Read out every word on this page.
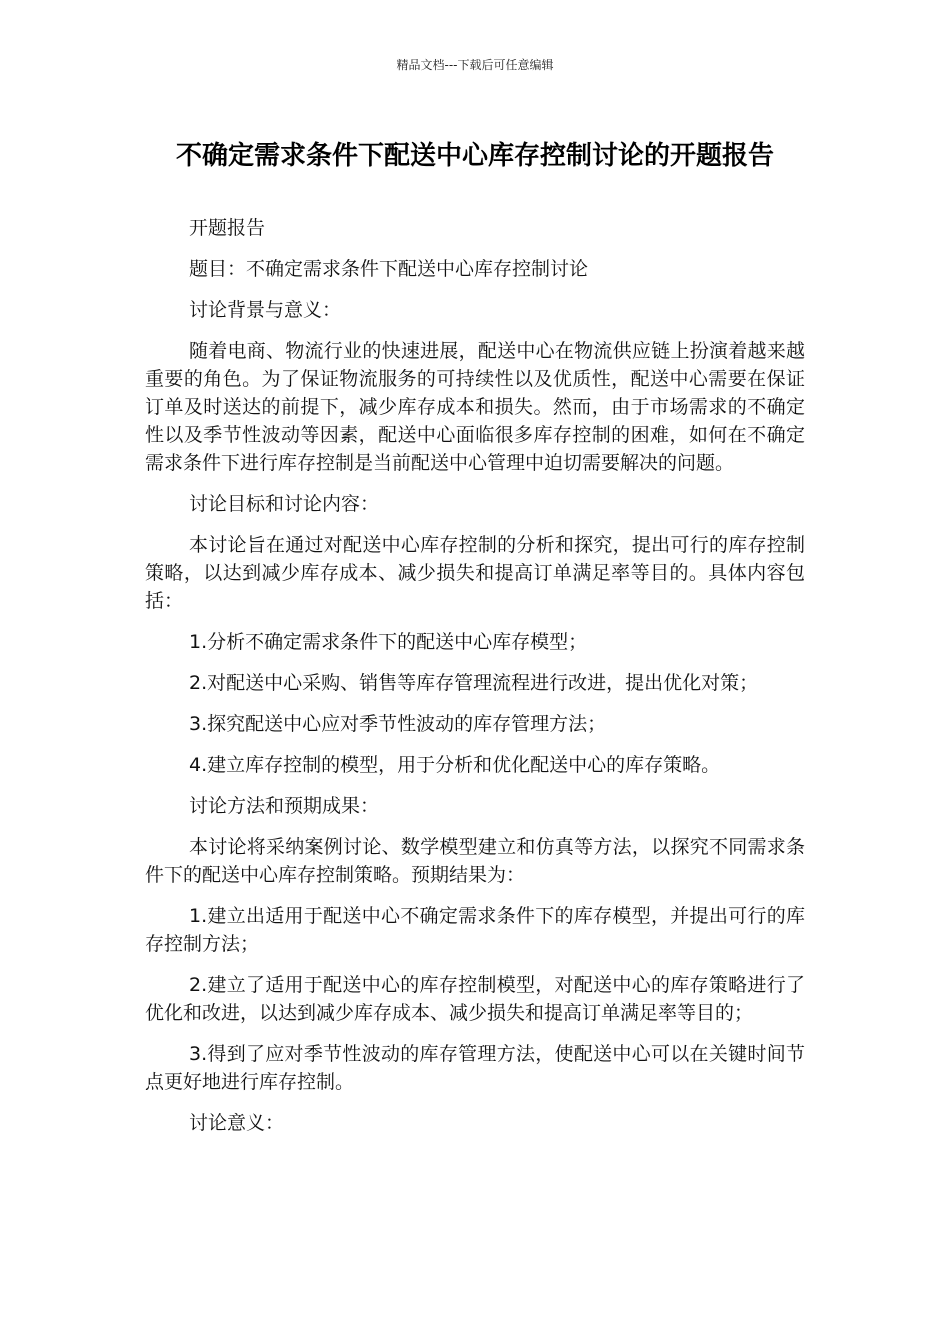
精品文档---下载后可任意编辑
不确定需求条件下配送中心库存控制讨论的开题报告

开题报告

题目：不确定需求条件下配送中心库存控制讨论

讨论背景与意义：

随着电商、物流行业的快速进展，配送中心在物流供应链上扮演着越来越重要的角色。为了保证物流服务的可持续性以及优质性，配送中心需要在保证订单及时送达的前提下，减少库存成本和损失。然而，由于市场需求的不确定性以及季节性波动等因素，配送中心面临很多库存控制的困难，如何在不确定需求条件下进行库存控制是当前配送中心管理中迫切需要解决的问题。

讨论目标和讨论内容：

本讨论旨在通过对配送中心库存控制的分析和探究，提出可行的库存控制策略，以达到减少库存成本、减少损失和提高订单满足率等目的。具体内容包括：

1.分析不确定需求条件下的配送中心库存模型；

2.对配送中心采购、销售等库存管理流程进行改进，提出优化对策；

3.探究配送中心应对季节性波动的库存管理方法；

4.建立库存控制的模型，用于分析和优化配送中心的库存策略。

讨论方法和预期成果：

本讨论将采纳案例讨论、数学模型建立和仿真等方法，以探究不同需求条件下的配送中心库存控制策略。预期结果为：

1.建立出适用于配送中心不确定需求条件下的库存模型，并提出可行的库存控制方法；

2.建立了适用于配送中心的库存控制模型，对配送中心的库存策略进行了优化和改进，以达到减少库存成本、减少损失和提高订单满足率等目的；

3.得到了应对季节性波动的库存管理方法，使配送中心可以在关键时间节点更好地进行库存控制。

讨论意义：
